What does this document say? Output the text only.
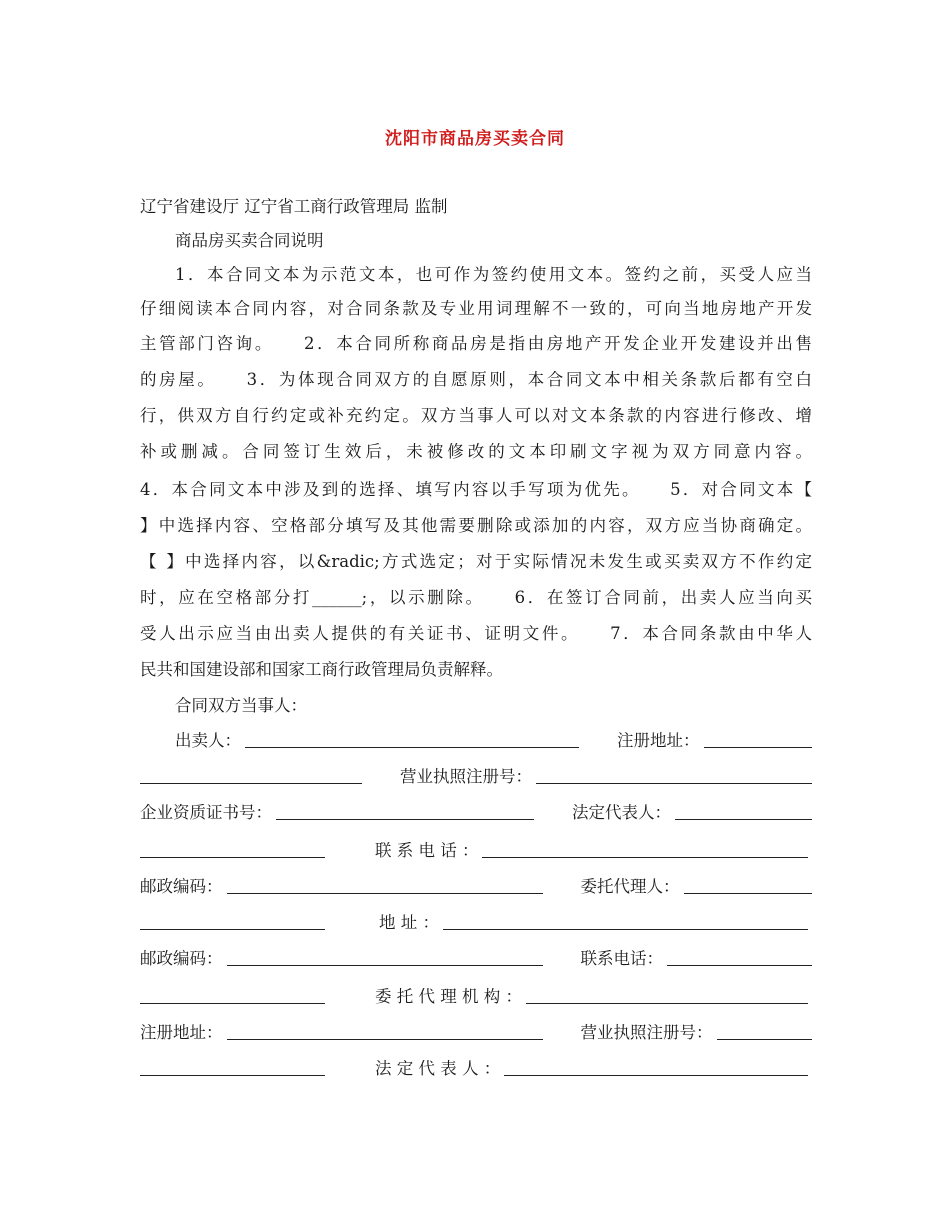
沈阳市商品房买卖合同
辽宁省建设厅 辽宁省工商行政管理局 监制
商品房买卖合同说明
1．本合同文本为示范文本，也可作为签约使用文本。签约之前，买受人应当
仔细阅读本合同内容，对合同条款及专业用词理解不一致的，可向当地房地产开发
主管部门咨询。　　2．本合同所称商品房是指由房地产开发企业开发建设并出售
的房屋。　　3．为体现合同双方的自愿原则，本合同文本中相关条款后都有空白
行，供双方自行约定或补充约定。双方当事人可以对文本条款的内容进行修改、增
补或删减。合同签订生效后，未被修改的文本印刷文字视为双方同意内容。
4．本合同文本中涉及到的选择、填写内容以手写项为优先。　　5．对合同文本【
】中选择内容、空格部分填写及其他需要删除或添加的内容，双方应当协商确定。
【 】中选择内容，以&radic;方式选定；对于实际情况未发生或买卖双方不作约定
时，应在空格部分打______;，以示删除。　　6．在签订合同前，出卖人应当向买
受人出示应当由出卖人提供的有关证书、证明文件。　　7．本合同条款由中华人
民共和国建设部和国家工商行政管理局负责解释。
合同双方当事人：
出卖人：	注册地址：
营业执照注册号：
企业资质证书号：	法定代表人：
联 系 电 话 ：
邮政编码：	委托代理人：
地 址 ：
邮政编码：	联系电话：
委 托 代 理 机 构 ：
注册地址：	营业执照注册号：
法 定 代 表 人 ：
